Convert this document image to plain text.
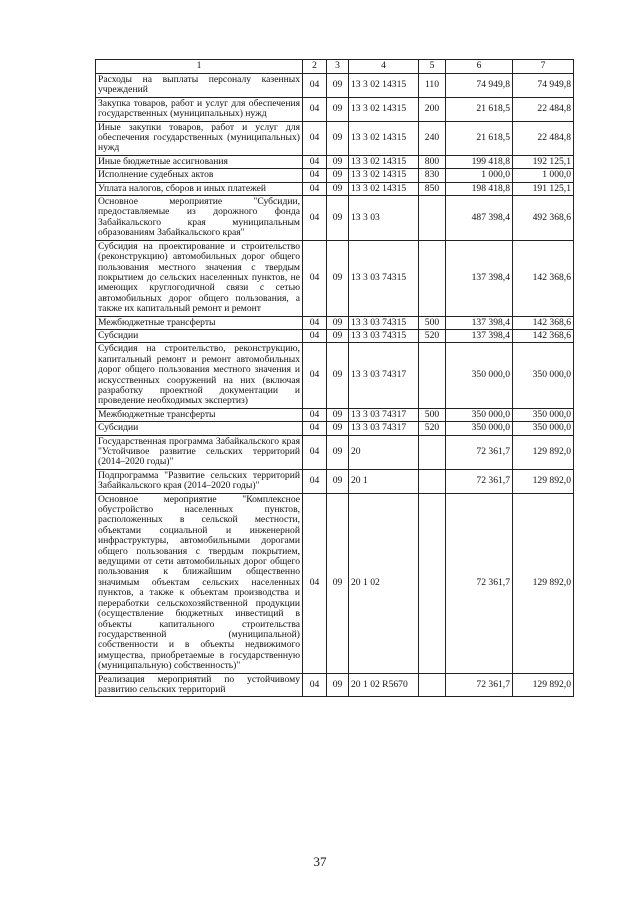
1	2	3	4	5	6	7
Расходы на выплаты персоналу казенных учреждений	04	09	13 3 02 14315	110	74 949,8	74 949,8
Закупка товаров, работ и услуг для обеспечения государственных (муниципальных) нужд	04	09	13 3 02 14315	200	21 618,5	22 484,8
Иные закупки товаров, работ и услуг для обеспечения государственных (муниципальных) нужд	04	09	13 3 02 14315	240	21 618,5	22 484,8
Иные бюджетные ассигнования	04	09	13 3 02 14315	800	199 418,8	192 125,1
Исполнение судебных актов	04	09	13 3 02 14315	830	1 000,0	1 000,0
Уплата налогов, сборов и иных платежей	04	09	13 3 02 14315	850	198 418,8	191 125,1
Основное мероприятие "Субсидии, предоставляемые из дорожного фонда Забайкальского края муниципальным образованиям Забайкальского края"	04	09	13 3 03		487 398,4	492 368,6
Субсидия на проектирование и строительство (реконструкцию) автомобильных дорог общего пользования местного значения с твердым покрытием до сельских населенных пунктов, не имеющих круглогодичной связи с сетью автомобильных дорог общего пользования, а также их капитальный ремонт и ремонт	04	09	13 3 03 74315		137 398,4	142 368,6
Межбюджетные трансферты	04	09	13 3 03 74315	500	137 398,4	142 368,6
Субсидии	04	09	13 3 03 74315	520	137 398,4	142 368,6
Субсидия на строительство, реконструкцию, капитальный ремонт и ремонт автомобильных дорог общего пользования местного значения и искусственных сооружений на них (включая разработку проектной документации и проведение необходимых экспертиз)	04	09	13 3 03 74317		350 000,0	350 000,0
Межбюджетные трансферты	04	09	13 3 03 74317	500	350 000,0	350 000,0
Субсидии	04	09	13 3 03 74317	520	350 000,0	350 000,0
Государственная программа Забайкальского края "Устойчивое развитие сельских территорий (2014–2020 годы)"	04	09	20		72 361,7	129 892,0
Подпрограмма "Развитие сельских территорий Забайкальского края (2014–2020 годы)"	04	09	20 1		72 361,7	129 892,0
Основное мероприятие "Комплексное обустройство населенных пунктов, расположенных в сельской местности, объектами социальной и инженерной инфраструктуры, автомобильными дорогами общего пользования с твердым покрытием, ведущими от сети автомобильных дорог общего пользования к ближайшим общественно значимым объектам сельских населенных пунктов, а также к объектам производства и переработки сельскохозяйственной продукции (осуществление бюджетных инвестиций в объекты капитального строительства государственной (муниципальной) собственности и в объекты недвижимого имущества, приобретаемые в государственную (муниципальную) собственность)"	04	09	20 1 02		72 361,7	129 892,0
Реализация мероприятий по устойчивому развитию сельских территорий	04	09	20 1 02 R5670		72 361,7	129 892,0
37
